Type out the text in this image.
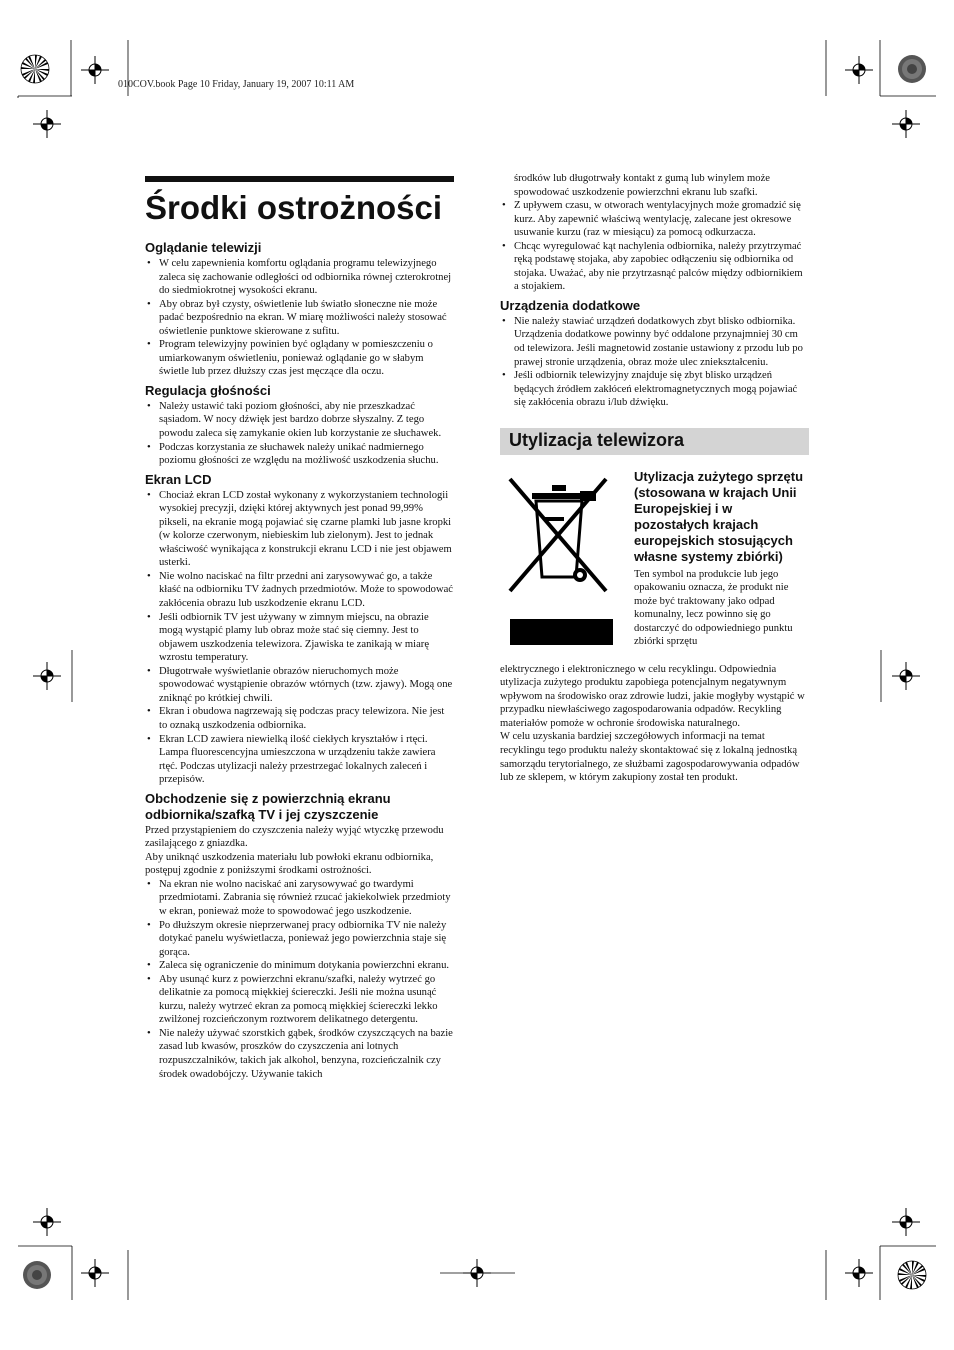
010COV.book Page 10 Friday, January 19, 2007 10:11 AM
Środki ostrożności
Oglądanie telewizji
• W celu zapewnienia komfortu oglądania programu telewizyjnego zaleca się zachowanie odległości od odbiornika równej czterokrotnej do siedmiokrotnej wysokości ekranu.
• Aby obraz był czysty, oświetlenie lub światło słoneczne nie może padać bezpośrednio na ekran. W miarę możliwości należy stosować oświetlenie punktowe skierowane z sufitu.
• Program telewizyjny powinien być oglądany w pomieszczeniu o umiarkowanym oświetleniu, ponieważ oglądanie go w słabym świetle lub przez dłuższy czas jest męczące dla oczu.
Regulacja głośności
• Należy ustawić taki poziom głośności, aby nie przeszkadzać sąsiadom. W nocy dźwięk jest bardzo dobrze słyszalny. Z tego powodu zaleca się zamykanie okien lub korzystanie ze słuchawek.
• Podczas korzystania ze słuchawek należy unikać nadmiernego poziomu głośności ze względu na możliwość uszkodzenia słuchu.
Ekran LCD
• Chociaż ekran LCD został wykonany z wykorzystaniem technologii wysokiej precyzji, dzięki której aktywnych jest ponad 99,99% pikseli, na ekranie mogą pojawiać się czarne plamki lub jasne kropki (w kolorze czerwonym, niebieskim lub zielonym). Jest to jednak właściwość wynikająca z konstrukcji ekranu LCD i nie jest objawem usterki.
• Nie wolno naciskać na filtr przedni ani zarysowywać go, a także kłaść na odbiorniku TV żadnych przedmiotów. Może to spowodować zakłócenia obrazu lub uszkodzenie ekranu LCD.
• Jeśli odbiornik TV jest używany w zimnym miejscu, na obrazie mogą wystąpić plamy lub obraz może stać się ciemny. Jest to objawem uszkodzenia telewizora. Zjawiska te zanikają w miarę wzrostu temperatury.
• Długotrwałe wyświetlanie obrazów nieruchomych może spowodować wystąpienie obrazów wtórnych (tzw. zjawy). Mogą one zniknąć po krótkiej chwili.
• Ekran i obudowa nagrzewają się podczas pracy telewizora. Nie jest to oznaką uszkodzenia odbiornika.
• Ekran LCD zawiera niewielką ilość ciekłych kryształów i rtęci. Lampa fluorescencyjna umieszczona w urządzeniu także zawiera rtęć. Podczas utylizacji należy przestrzegać lokalnych zaleceń i przepisów.
Obchodzenie się z powierzchnią ekranu odbiornika/szafką TV i jej czyszczenie

Przed przystąpieniem do czyszczenia należy wyjąć wtyczkę przewodu zasilającego z gniazdka.

Aby uniknąć uszkodzenia materiału lub powłoki ekranu odbiornika, postępuj zgodnie z poniższymi środkami ostrożności.

• Na ekran nie wolno naciskać ani zarysowywać go twardymi przedmiotami. Zabrania się również rzucać jakiekolwiek przedmioty w ekran, ponieważ może to spowodować jego uszkodzenie.
• Po dłuższym okresie nieprzerwanej pracy odbiornika TV nie należy dotykać panelu wyświetlacza, ponieważ jego powierzchnia staje się gorąca.
• Zaleca się ograniczenie do minimum dotykania powierzchni ekranu.
• Aby usunąć kurz z powierzchni ekranu/szafki, należy wytrzeć go delikatnie za pomocą miękkiej ściereczki. Jeśli nie można usunąć kurzu, należy wytrzeć ekran za pomocą miękkiej ściereczki lekko zwilżonej rozcieńczonym roztworem delikatnego detergentu.
• Nie należy używać szorstkich gąbek, środków czyszczących na bazie zasad lub kwasów, proszków do czyszczenia ani lotnych rozpuszczalników, takich jak alkohol, benzyna, rozcieńczalnik czy środek owadobójczy. Używanie takich

środków lub długotrwały kontakt z gumą lub winylem może spowodować uszkodzenie powierzchni ekranu lub szafki.

• Z upływem czasu, w otworach wentylacyjnych może gromadzić się kurz. Aby zapewnić właściwą wentylację, zalecane jest okresowe usuwanie kurzu (raz w miesiącu) za pomocą odkurzacza.
• Chcąc wyregulować kąt nachylenia odbiornika, należy przytrzymać ręką podstawę stojaka, aby zapobiec odłączeniu się odbiornika od stojaka. Uważać, aby nie przytrzasnąć palców między odbiornikiem a stojakiem.
Urządzenia dodatkowe
• Nie należy stawiać urządzeń dodatkowych zbyt blisko odbiornika. Urządzenia dodatkowe powinny być oddalone przynajmniej 30 cm od telewizora. Jeśli magnetowid zostanie ustawiony z przodu lub po prawej stronie urządzenia, obraz może ulec zniekształceniu.
• Jeśli odbiornik telewizyjny znajduje się zbyt blisko urządzeń będących źródłem zakłóceń elektromagnetycznych mogą pojawiać się zakłócenia obrazu i/lub dźwięku.
Utylizacja telewizora
Utylizacja zużytego sprzętu (stosowana w krajach Unii Europejskiej i w pozostałych krajach europejskich stosujących własne systemy zbiórki)

Ten symbol na produkcie lub jego opakowaniu oznacza, że produkt nie może być traktowany jako odpad komunalny, lecz powinno się go dostarczyć do odpowiedniego punktu zbiórki sprzętu

elektrycznego i elektronicznego w celu recyklingu. Odpowiednia utylizacja zużytego produktu zapobiega potencjalnym negatywnym wpływom na środowisko oraz zdrowie ludzi, jakie mogłyby wystąpić w przypadku niewłaściwego zagospodarowania odpadów. Recykling materiałów pomoże w ochronie środowiska naturalnego.

W celu uzyskania bardziej szczegółowych informacji na temat recyklingu tego produktu należy skontaktować się z lokalną jednostką samorządu terytorialnego, ze służbami zagospodarowywania odpadów lub ze sklepem, w którym zakupiony został ten produkt.
